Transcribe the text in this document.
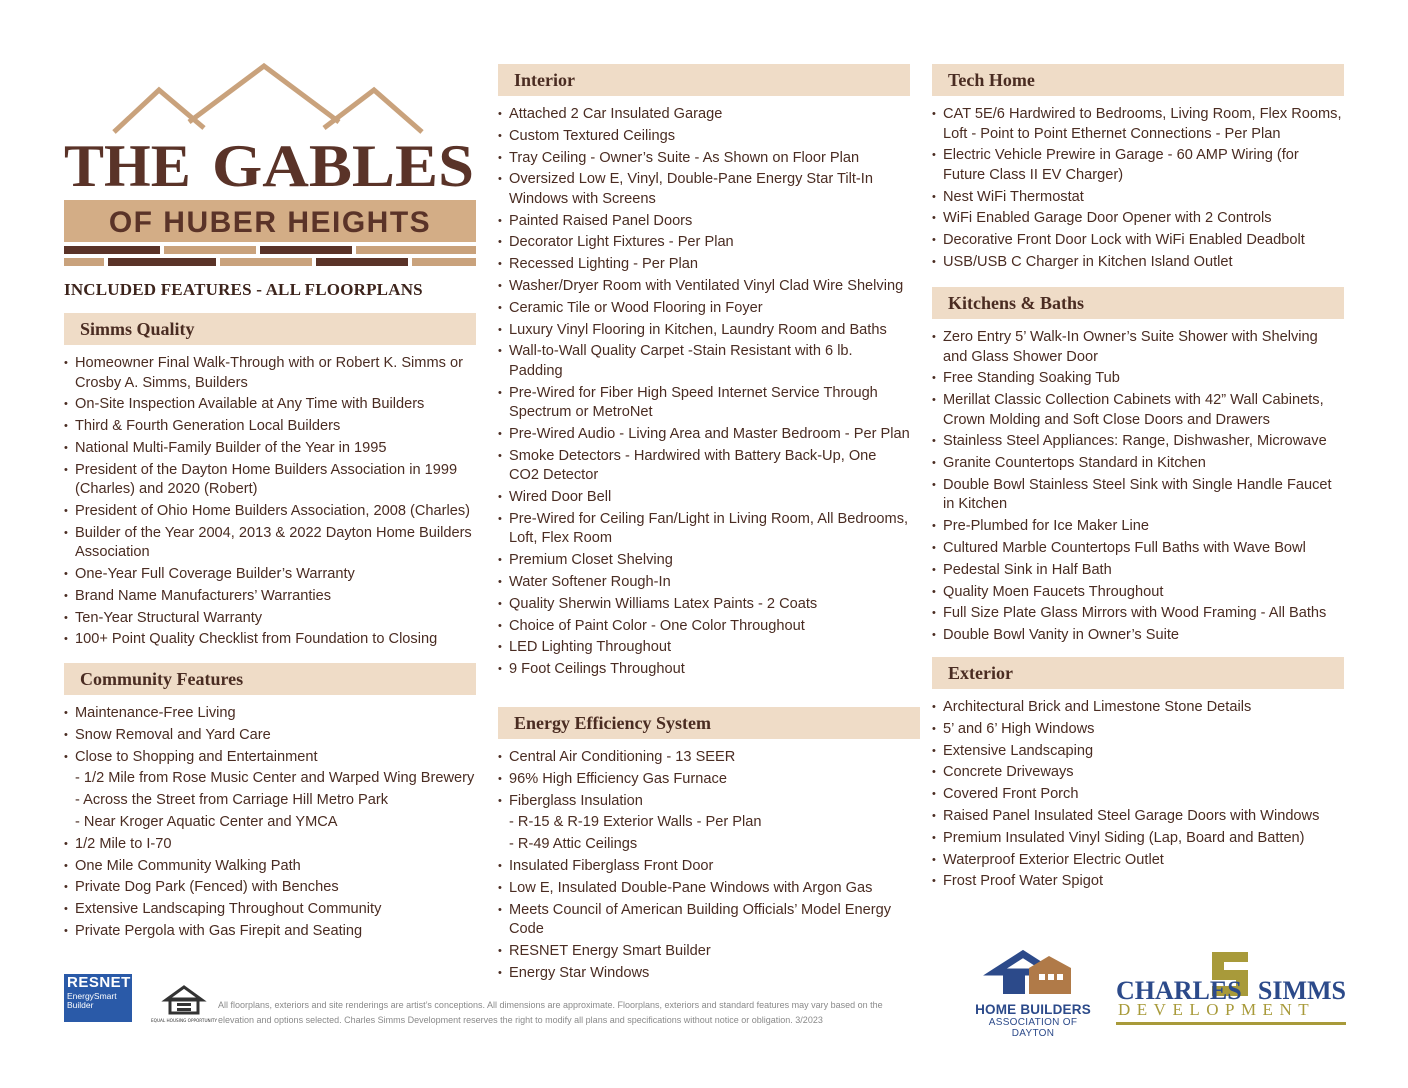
THE GABLES
OF HUBER HEIGHTS
INCLUDED FEATURES - ALL FLOORPLANS
Simms Quality
• Homeowner Final Walk-Through with or Robert K. Simms or Crosby A. Simms, Builders
• On-Site Inspection Available at Any Time with Builders
• Third & Fourth Generation Local Builders
• National Multi-Family Builder of the Year in 1995
• President of the Dayton Home Builders Association in 1999 (Charles) and 2020 (Robert)
• President of Ohio Home Builders Association, 2008 (Charles)
• Builder of the Year 2004, 2013 & 2022 Dayton Home Builders Association
• One-Year Full Coverage Builder’s Warranty
• Brand Name Manufacturers’ Warranties
• Ten-Year Structural Warranty
• 100+ Point Quality Checklist from Foundation to Closing
Community Features
• Maintenance-Free Living
• Snow Removal and Yard Care
• Close to Shopping and Entertainment
- 1/2 Mile from Rose Music Center and Warped Wing Brewery
- Across the Street from Carriage Hill Metro Park
- Near Kroger Aquatic Center and YMCA
• 1/2 Mile to I-70
• One Mile Community Walking Path
• Private Dog Park (Fenced) with Benches
• Extensive Landscaping Throughout Community
• Private Pergola with Gas Firepit and Seating
Interior
• Attached 2 Car Insulated Garage
• Custom Textured Ceilings
• Tray Ceiling - Owner’s Suite - As Shown on Floor Plan
• Oversized Low E, Vinyl, Double-Pane Energy Star Tilt-In Windows with Screens
• Painted Raised Panel Doors
• Decorator Light Fixtures - Per Plan
• Recessed Lighting - Per Plan
• Washer/Dryer Room with Ventilated Vinyl Clad Wire Shelving
• Ceramic Tile or Wood Flooring in Foyer
• Luxury Vinyl Flooring in Kitchen, Laundry Room and Baths
• Wall-to-Wall Quality Carpet -Stain Resistant with 6 lb. Padding
• Pre-Wired for Fiber High Speed Internet Service Through Spectrum or MetroNet
• Pre-Wired Audio - Living Area and Master Bedroom - Per Plan
• Smoke Detectors - Hardwired with Battery Back-Up, One CO2 Detector
• Wired Door Bell
• Pre-Wired for Ceiling Fan/Light in Living Room, All Bedrooms, Loft, Flex Room
• Premium Closet Shelving
• Water Softener Rough-In
• Quality Sherwin Williams Latex Paints - 2 Coats
• Choice of Paint Color - One Color Throughout
• LED Lighting Throughout
• 9 Foot Ceilings Throughout
Energy Efficiency System
• Central Air Conditioning - 13 SEER
• 96% High Efficiency Gas Furnace
• Fiberglass Insulation
- R-15 & R-19 Exterior Walls - Per Plan
- R-49 Attic Ceilings
• Insulated Fiberglass Front Door
• Low E, Insulated Double-Pane Windows with Argon Gas
• Meets Council of American Building Officials’ Model Energy Code
• RESNET Energy Smart Builder
• Energy Star Windows
Tech Home
• CAT 5E/6 Hardwired to Bedrooms, Living Room, Flex Rooms, Loft - Point to Point Ethernet Connections - Per Plan
• Electric Vehicle Prewire in Garage - 60 AMP Wiring (for Future Class II EV Charger)
• Nest WiFi Thermostat
• WiFi Enabled Garage Door Opener with 2 Controls
• Decorative Front Door Lock with WiFi Enabled Deadbolt
• USB/USB C Charger in Kitchen Island Outlet
Kitchens & Baths
• Zero Entry 5’ Walk-In Owner’s Suite Shower with Shelving and Glass Shower Door
• Free Standing Soaking Tub
• Merillat Classic Collection Cabinets with 42” Wall Cabinets, Crown Molding and Soft Close Doors and Drawers
• Stainless Steel Appliances: Range, Dishwasher, Microwave
• Granite Countertops Standard in Kitchen
• Double Bowl Stainless Steel Sink with Single Handle Faucet in Kitchen
• Pre-Plumbed for Ice Maker Line
• Cultured Marble Countertops Full Baths with Wave Bowl
• Pedestal Sink in Half Bath
• Quality Moen Faucets Throughout
• Full Size Plate Glass Mirrors with Wood Framing - All Baths
• Double Bowl Vanity in Owner’s Suite
Exterior
• Architectural Brick and Limestone Stone Details
• 5’ and 6’ High Windows
• Extensive Landscaping
• Concrete Driveways
• Covered Front Porch
• Raised Panel Insulated Steel Garage Doors with Windows
• Premium Insulated Vinyl Siding (Lap, Board and Batten)
• Waterproof Exterior Electric Outlet
• Frost Proof Water Spigot
RESNET
EnergySmart
Builder
EQUAL HOUSING OPPORTUNITY
All floorplans, exteriors and site renderings are artist’s conceptions. All dimensions are approximate. Floorplans, exteriors and standard features may vary based on the elevation and options selected. Charles Simms Development reserves the right to modify all plans and specifications without notice or obligation. 3/2023
HOME BUILDERS
ASSOCIATION OF DAYTON
CHARLES SIMMS
DEVELOPMENT
